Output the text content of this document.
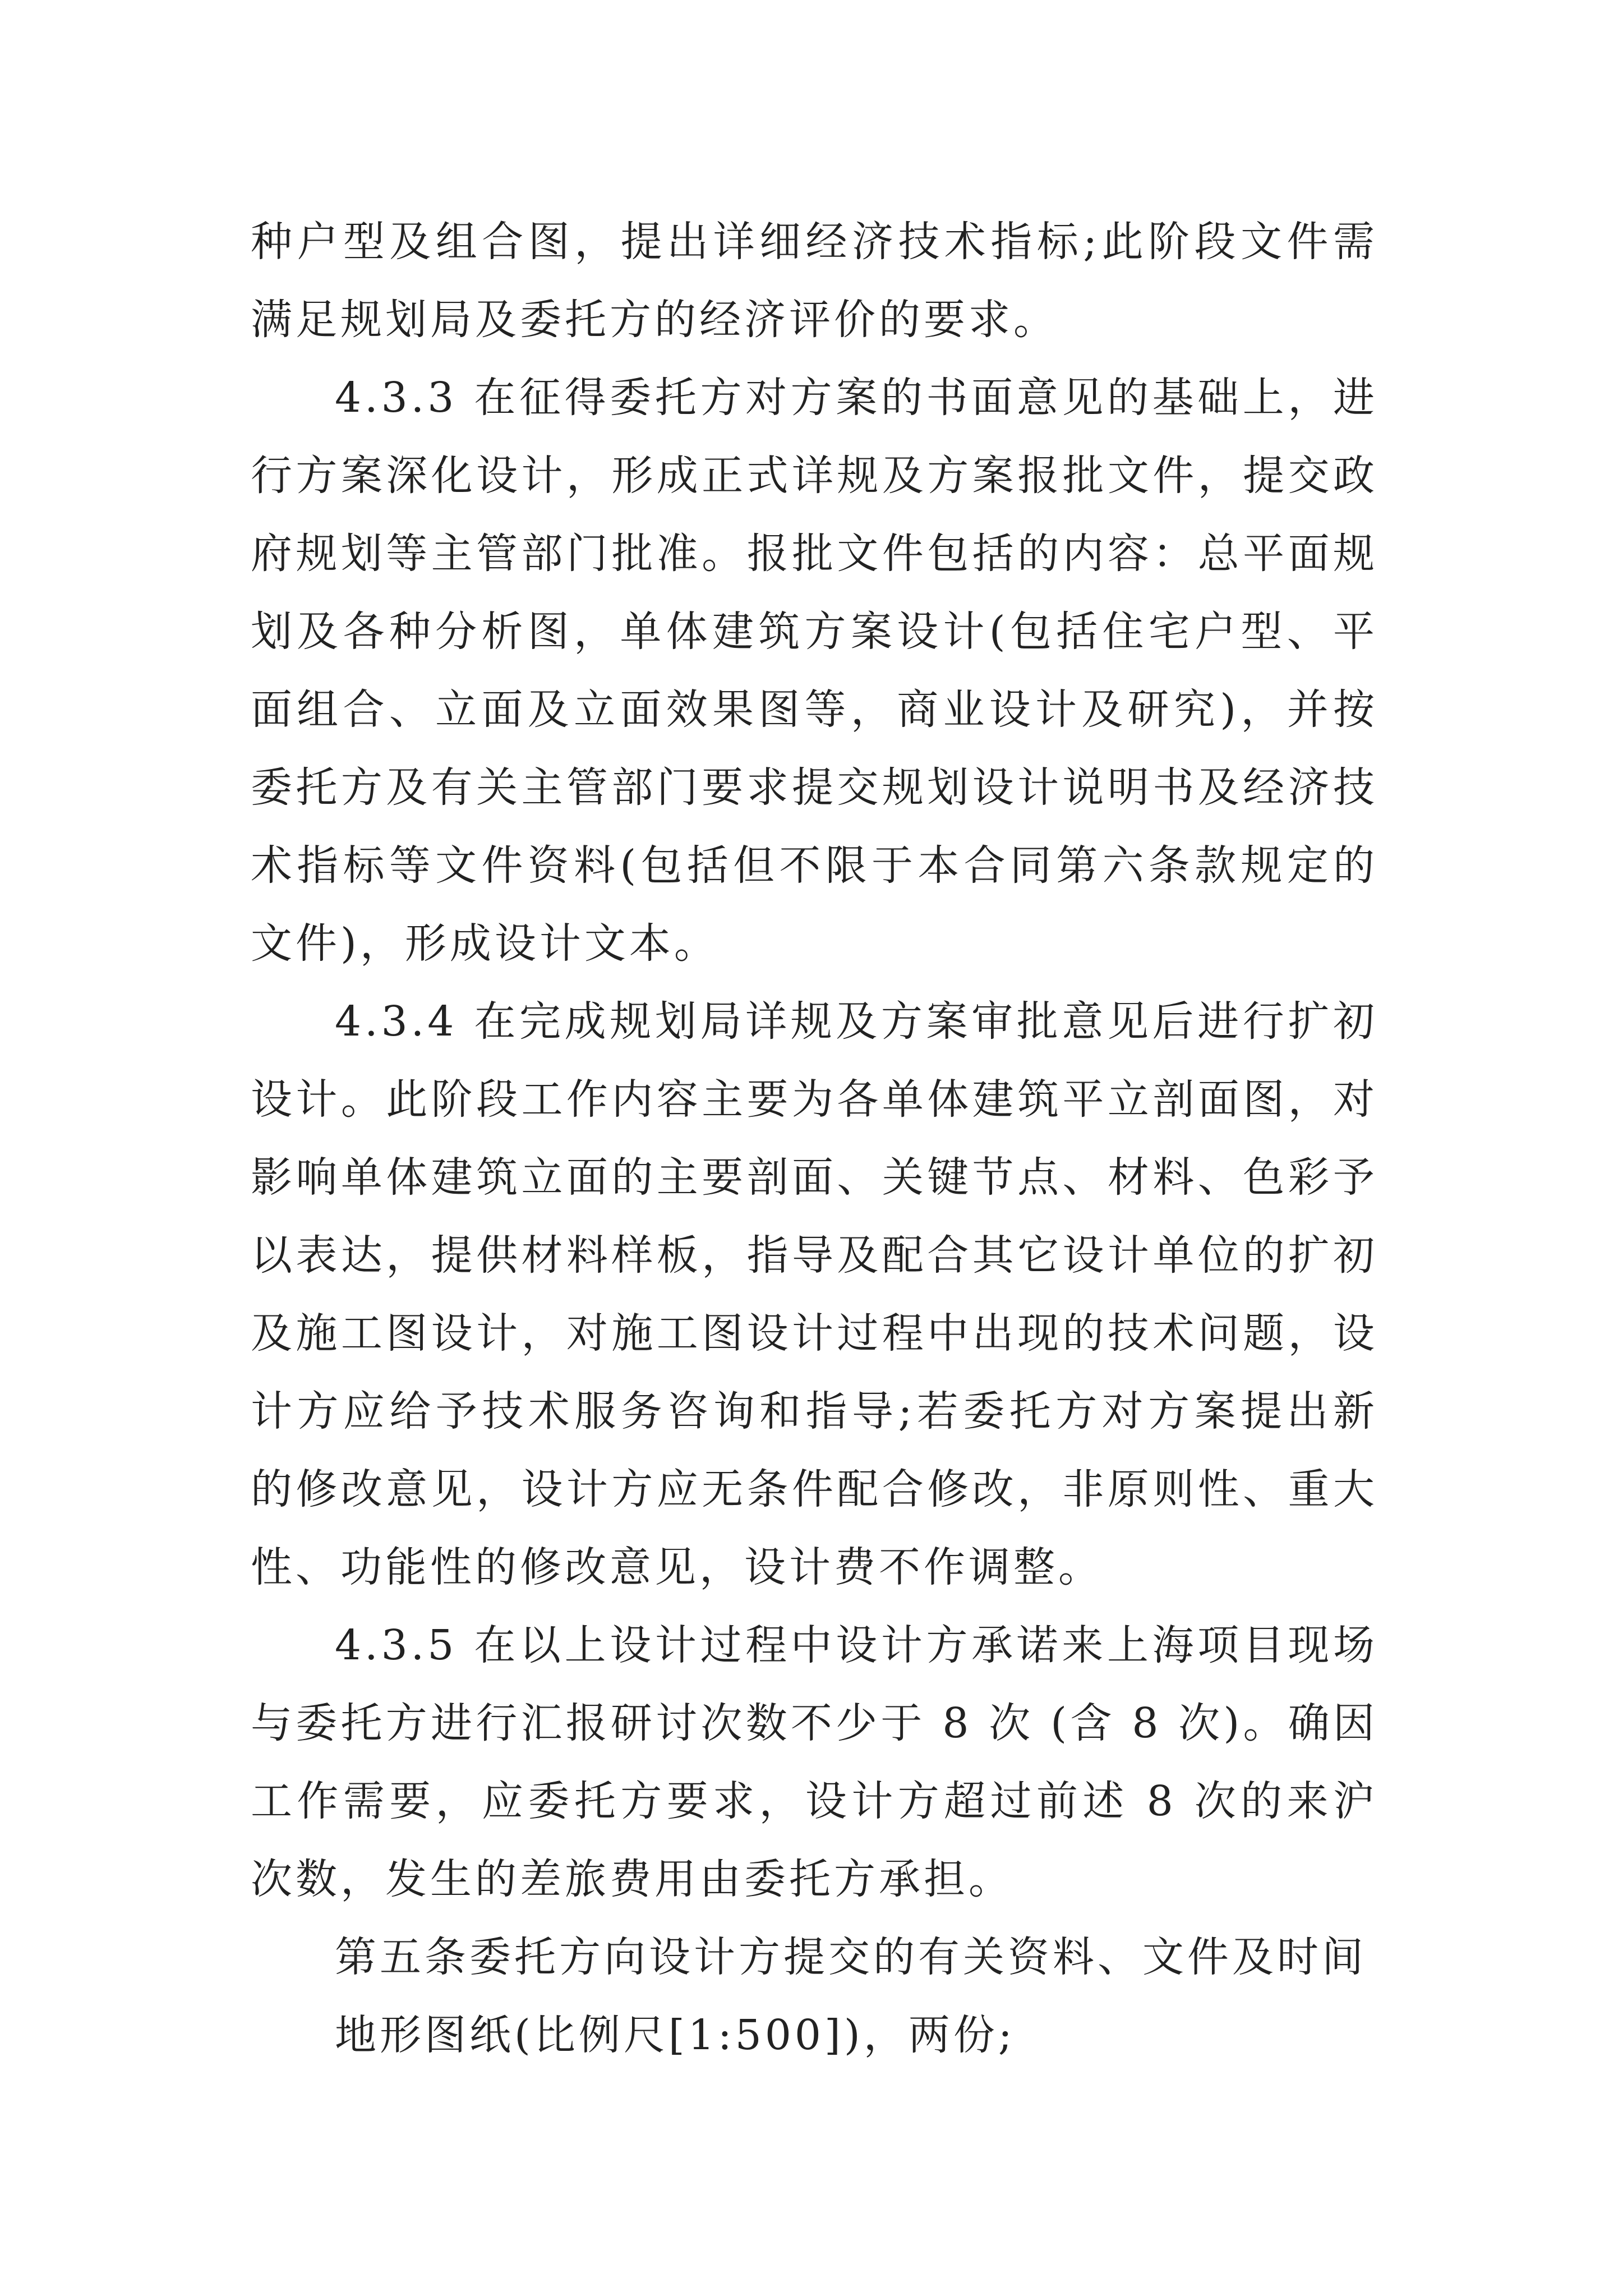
种户型及组合图，提出详细经济技术指标;此阶段文件需满足规划局及委托方的经济评价的要求。

4.3.3 在征得委托方对方案的书面意见的基础上，进行方案深化设计，形成正式详规及方案报批文件，提交政府规划等主管部门批准。报批文件包括的内容：总平面规划及各种分析图，单体建筑方案设计(包括住宅户型、平面组合、立面及立面效果图等，商业设计及研究)，并按委托方及有关主管部门要求提交规划设计说明书及经济技术指标等文件资料(包括但不限于本合同第六条款规定的文件)，形成设计文本。

4.3.4 在完成规划局详规及方案审批意见后进行扩初设计。此阶段工作内容主要为各单体建筑平立剖面图，对影响单体建筑立面的主要剖面、关键节点、材料、色彩予以表达，提供材料样板，指导及配合其它设计单位的扩初及施工图设计，对施工图设计过程中出现的技术问题，设计方应给予技术服务咨询和指导;若委托方对方案提出新的修改意见，设计方应无条件配合修改，非原则性、重大性、功能性的修改意见，设计费不作调整。

4.3.5 在以上设计过程中设计方承诺来上海项目现场与委托方进行汇报研讨次数不少于 8 次 (含 8 次)。确因工作需要，应委托方要求，设计方超过前述 8 次的来沪次数，发生的差旅费用由委托方承担。

第五条委托方向设计方提交的有关资料、文件及时间

地形图纸(比例尺[1:500])，两份;
